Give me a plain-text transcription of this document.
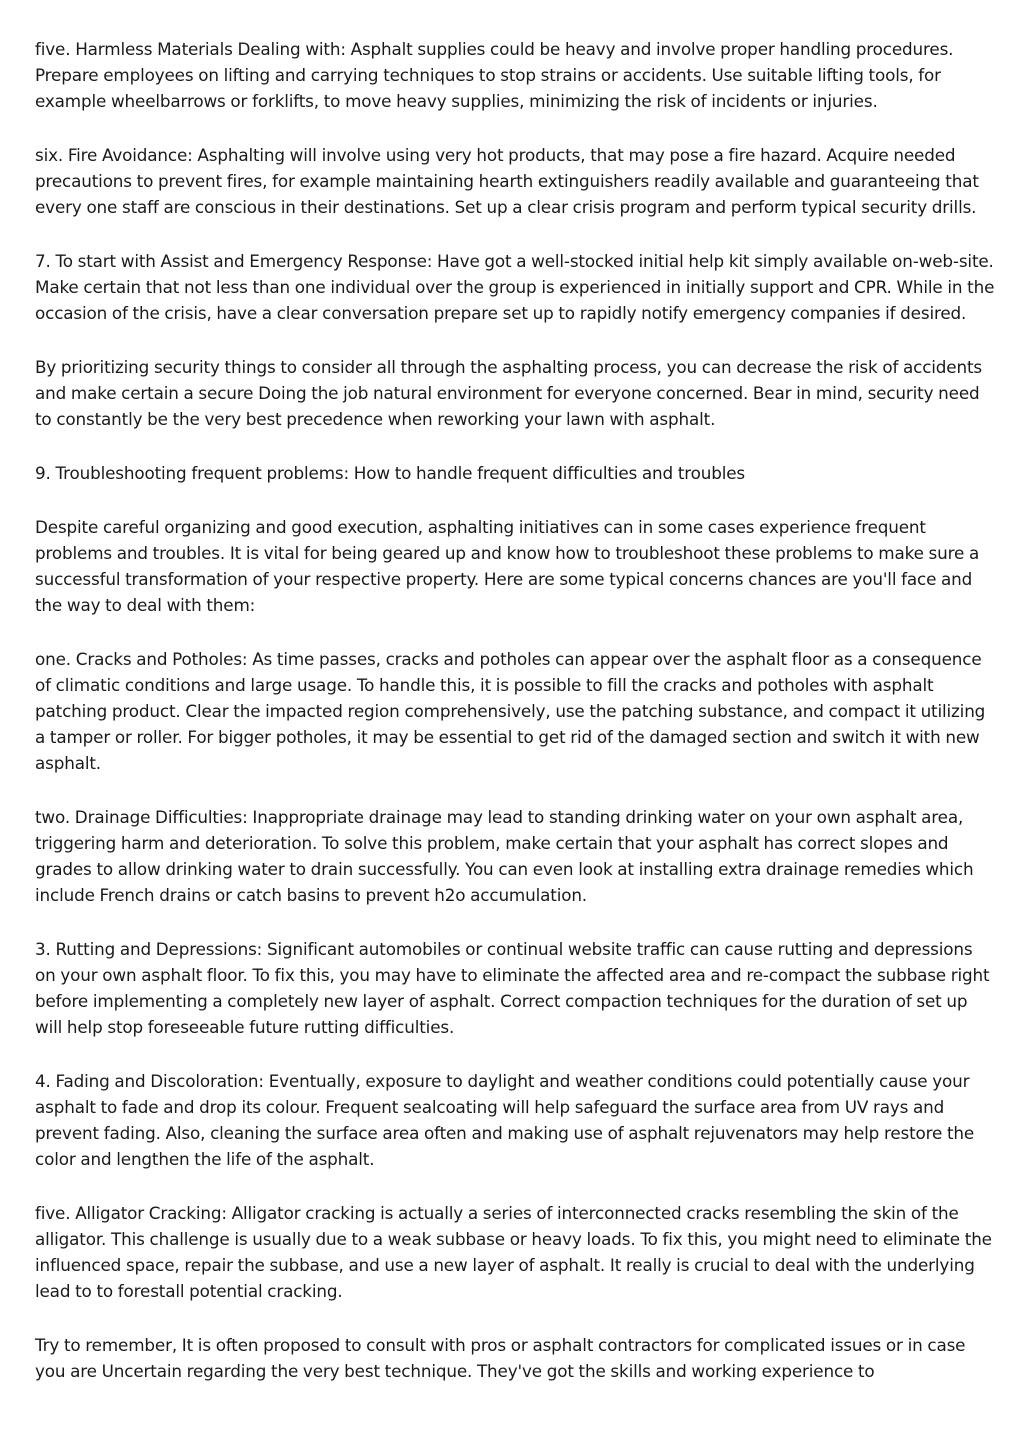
five. Harmless Materials Dealing with: Asphalt supplies could be heavy and involve proper handling procedures. Prepare employees on lifting and carrying techniques to stop strains or accidents. Use suitable lifting tools, for example wheelbarrows or forklifts, to move heavy supplies, minimizing the risk of incidents or injuries.

six. Fire Avoidance: Asphalting will involve using very hot products, that may pose a fire hazard. Acquire needed precautions to prevent fires, for example maintaining hearth extinguishers readily available and guaranteeing that every one staff are conscious in their destinations. Set up a clear crisis program and perform typical security drills.

7. To start with Assist and Emergency Response: Have got a well-stocked initial help kit simply available on-web-site. Make certain that not less than one individual over the group is experienced in initially support and CPR. While in the occasion of the crisis, have a clear conversation prepare set up to rapidly notify emergency companies if desired.

By prioritizing security things to consider all through the asphalting process, you can decrease the risk of accidents and make certain a secure Doing the job natural environment for everyone concerned. Bear in mind, security need to constantly be the very best precedence when reworking your lawn with asphalt.

9. Troubleshooting frequent problems: How to handle frequent difficulties and troubles

Despite careful organizing and good execution, asphalting initiatives can in some cases experience frequent problems and troubles. It is vital for being geared up and know how to troubleshoot these problems to make sure a successful transformation of your respective property. Here are some typical concerns chances are you'll face and the way to deal with them:

one. Cracks and Potholes: As time passes, cracks and potholes can appear over the asphalt floor as a consequence of climatic conditions and large usage. To handle this, it is possible to fill the cracks and potholes with asphalt patching product. Clear the impacted region comprehensively, use the patching substance, and compact it utilizing a tamper or roller. For bigger potholes, it may be essential to get rid of the damaged section and switch it with new asphalt.

two. Drainage Difficulties: Inappropriate drainage may lead to standing drinking water on your own asphalt area, triggering harm and deterioration. To solve this problem, make certain that your asphalt has correct slopes and grades to allow drinking water to drain successfully. You can even look at installing extra drainage remedies which include French drains or catch basins to prevent h2o accumulation.

3. Rutting and Depressions: Significant automobiles or continual website traffic can cause rutting and depressions on your own asphalt floor. To fix this, you may have to eliminate the affected area and re-compact the subbase right before implementing a completely new layer of asphalt. Correct compaction techniques for the duration of set up will help stop foreseeable future rutting difficulties.

4. Fading and Discoloration: Eventually, exposure to daylight and weather conditions could potentially cause your asphalt to fade and drop its colour. Frequent sealcoating will help safeguard the surface area from UV rays and prevent fading. Also, cleaning the surface area often and making use of asphalt rejuvenators may help restore the color and lengthen the life of the asphalt.

five. Alligator Cracking: Alligator cracking is actually a series of interconnected cracks resembling the skin of the alligator. This challenge is usually due to a weak subbase or heavy loads. To fix this, you might need to eliminate the influenced space, repair the subbase, and use a new layer of asphalt. It really is crucial to deal with the underlying lead to to forestall potential cracking.

Try to remember, It is often proposed to consult with pros or asphalt contractors for complicated issues or in case you are Uncertain regarding the very best technique. They've got the skills and working experience to
